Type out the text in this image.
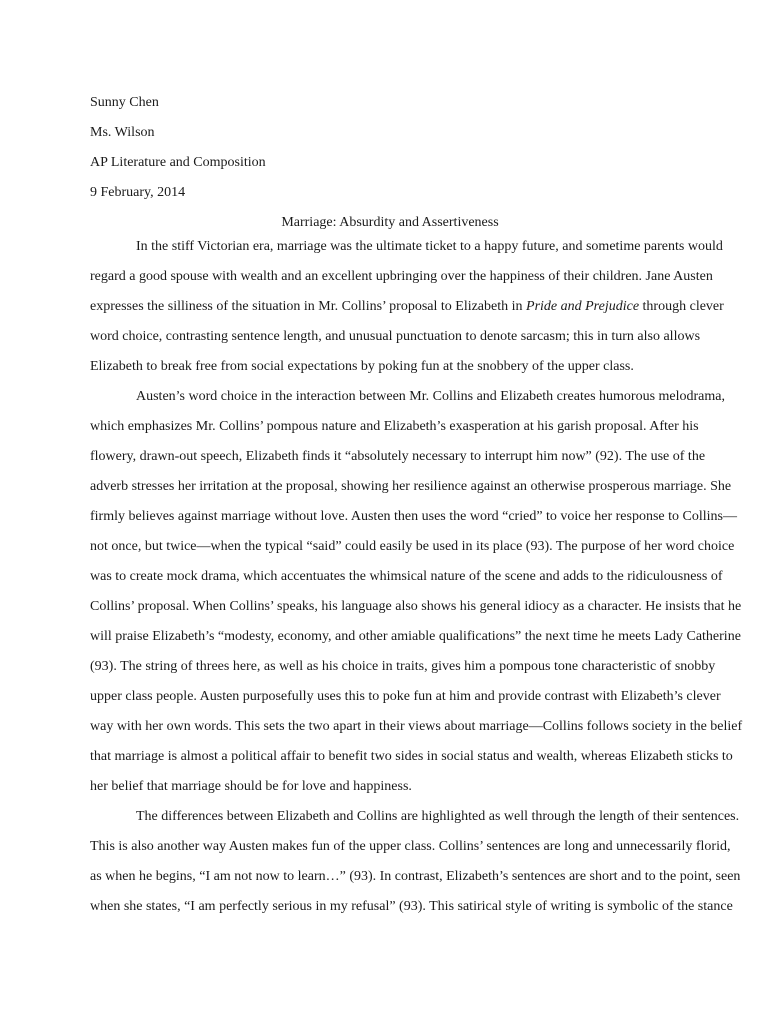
Sunny Chen
Ms. Wilson
AP Literature and Composition
9 February, 2014
Marriage: Absurdity and Assertiveness
In the stiff Victorian era, marriage was the ultimate ticket to a happy future, and sometime parents would
regard a good spouse with wealth and an excellent upbringing over the happiness of their children. Jane Austen
expresses the silliness of the situation in Mr. Collins’ proposal to Elizabeth in Pride and Prejudice through clever
word choice, contrasting sentence length, and unusual punctuation to denote sarcasm; this in turn also allows
Elizabeth to break free from social expectations by poking fun at the snobbery of the upper class.
Austen’s word choice in the interaction between Mr. Collins and Elizabeth creates humorous melodrama,
which emphasizes Mr. Collins’ pompous nature and Elizabeth’s exasperation at his garish proposal. After his
flowery, drawn-out speech, Elizabeth finds it “absolutely necessary to interrupt him now” (92). The use of the
adverb stresses her irritation at the proposal, showing her resilience against an otherwise prosperous marriage. She
firmly believes against marriage without love. Austen then uses the word “cried” to voice her response to Collins—
not once, but twice—when the typical “said” could easily be used in its place (93). The purpose of her word choice
was to create mock drama, which accentuates the whimsical nature of the scene and adds to the ridiculousness of
Collins’ proposal. When Collins’ speaks, his language also shows his general idiocy as a character. He insists that he
will praise Elizabeth’s “modesty, economy, and other amiable qualifications” the next time he meets Lady Catherine
(93). The string of threes here, as well as his choice in traits, gives him a pompous tone characteristic of snobby
upper class people. Austen purposefully uses this to poke fun at him and provide contrast with Elizabeth’s clever
way with her own words. This sets the two apart in their views about marriage—Collins follows society in the belief
that marriage is almost a political affair to benefit two sides in social status and wealth, whereas Elizabeth sticks to
her belief that marriage should be for love and happiness.
The differences between Elizabeth and Collins are highlighted as well through the length of their sentences.
This is also another way Austen makes fun of the upper class. Collins’ sentences are long and unnecessarily florid,
as when he begins, “I am not now to learn…” (93). In contrast, Elizabeth’s sentences are short and to the point, seen
when she states, “I am perfectly serious in my refusal” (93). This satirical style of writing is symbolic of the stance
